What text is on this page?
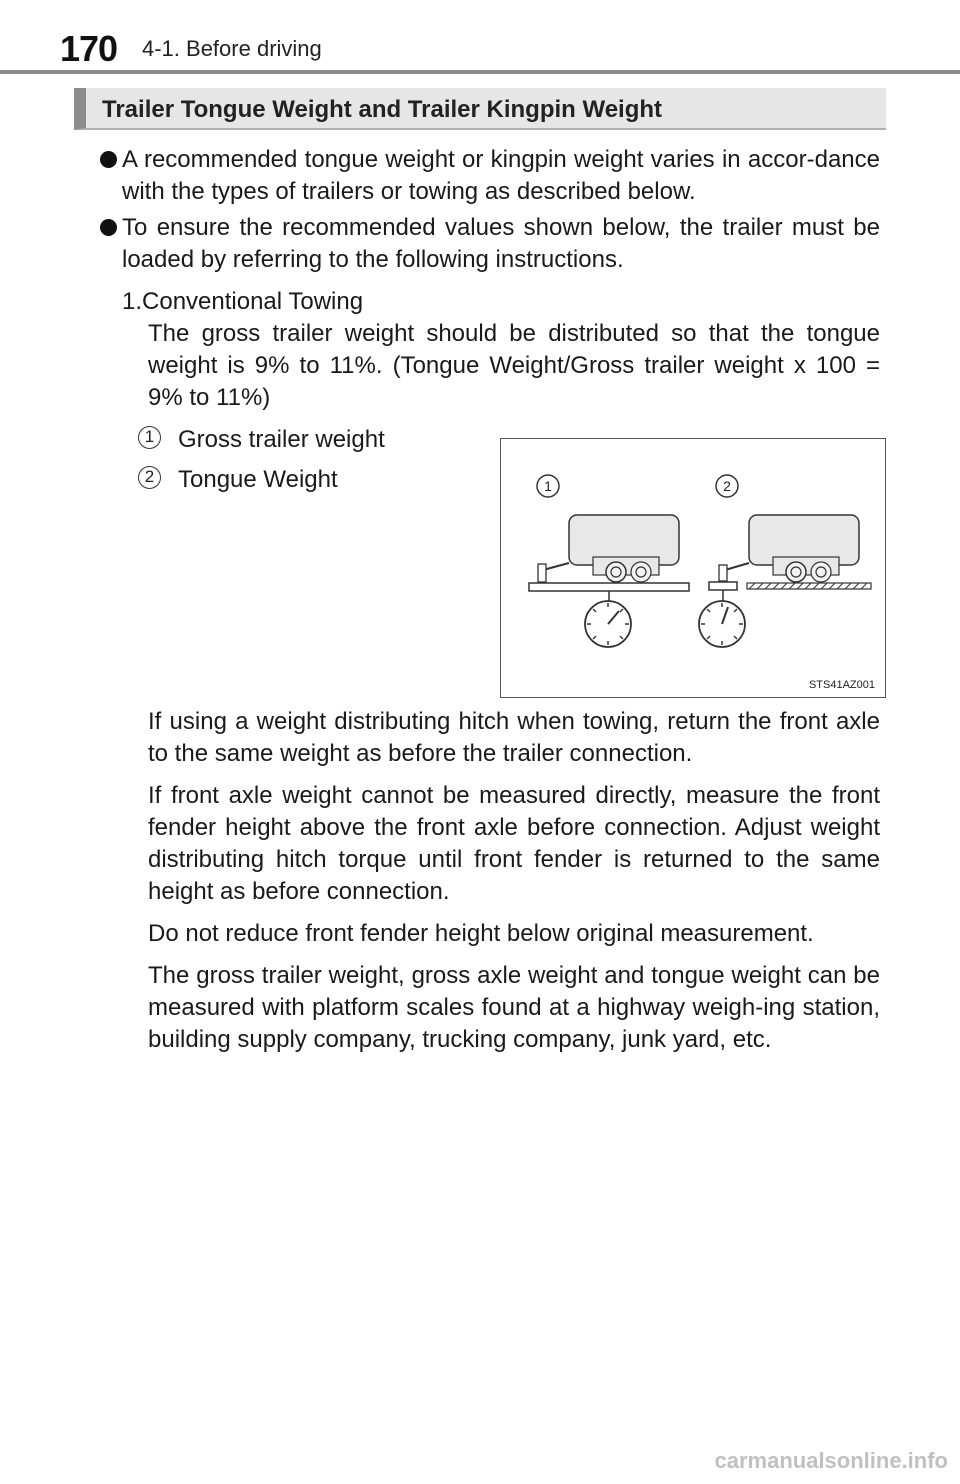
170 4-1. Before driving
Trailer Tongue Weight and Trailer Kingpin Weight
A recommended tongue weight or kingpin weight varies in accor-dance with the types of trailers or towing as described below.
To ensure the recommended values shown below, the trailer must be loaded by referring to the following instructions.
1.Conventional Towing
The gross trailer weight should be distributed so that the tongue weight is 9% to 11%. (Tongue Weight/Gross trailer weight x 100 = 9% to 11%)
1 Gross trailer weight
2 Tongue Weight	1	2
STS41AZ001
If using a weight distributing hitch when towing, return the front axle to the same weight as before the trailer connection.
If front axle weight cannot be measured directly, measure the front fender height above the front axle before connection. Adjust weight distributing hitch torque until front fender is returned to the same height as before connection.
Do not reduce front fender height below original measurement.
The gross trailer weight, gross axle weight and tongue weight can be measured with platform scales found at a highway weigh-ing station, building supply company, trucking company, junk yard, etc.
carmanualsonline.info
